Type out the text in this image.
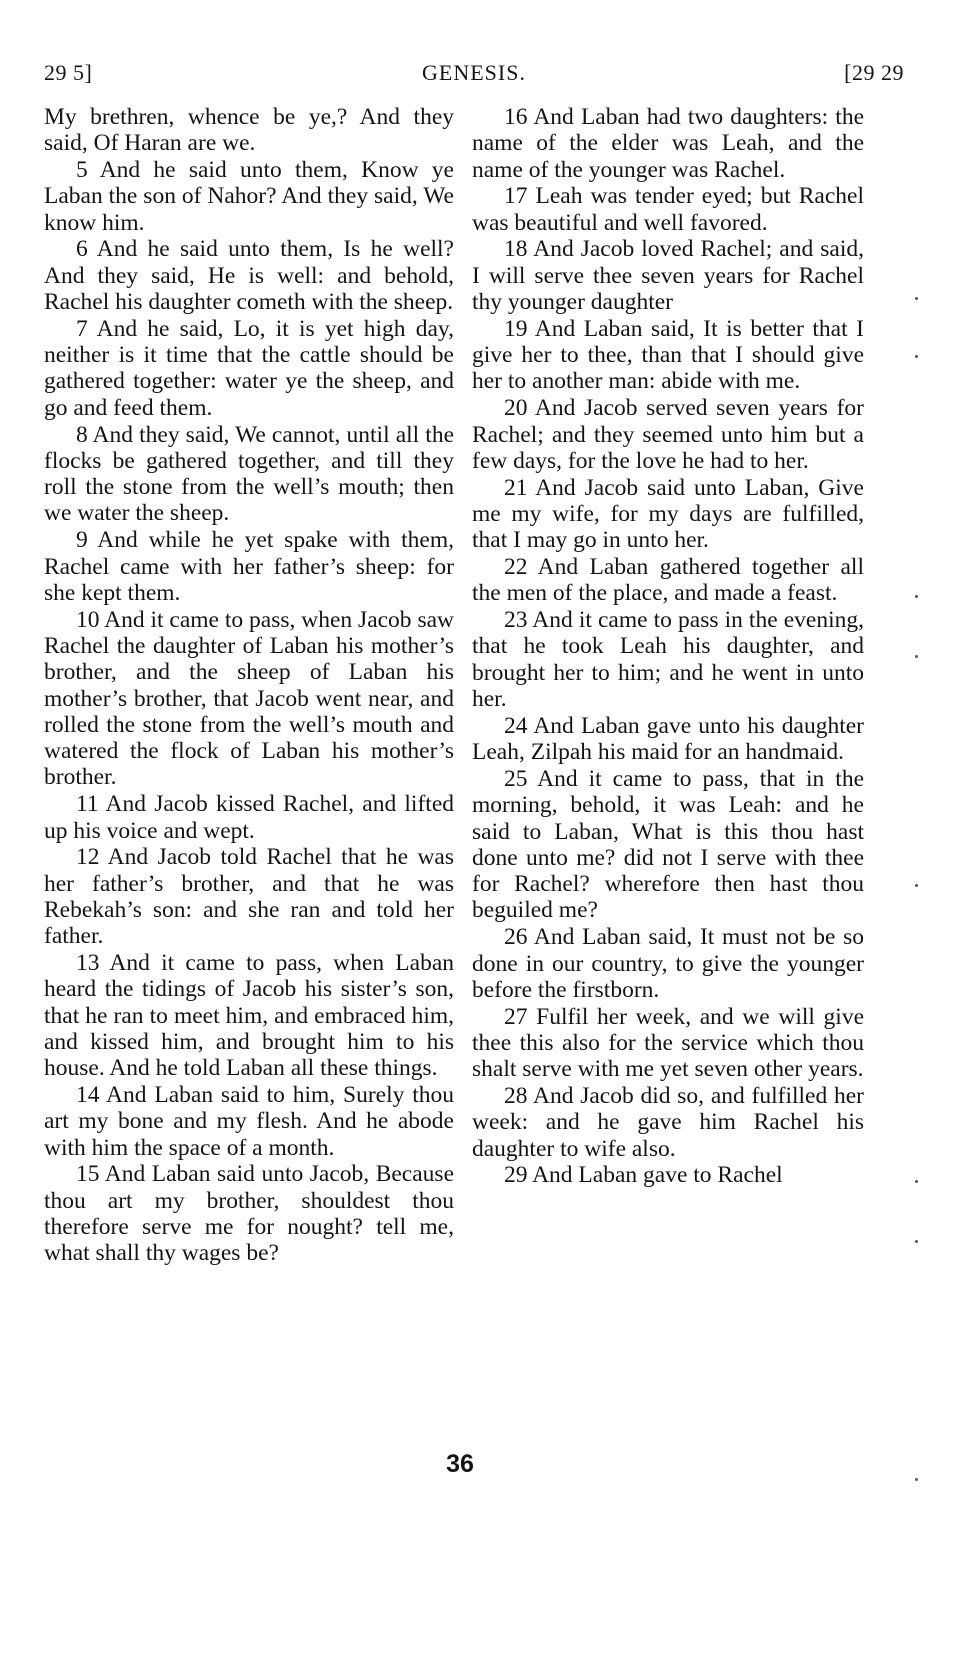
29 5]	GENESIS.	[29 29

My brethren, whence be ye,? And they said, Of Haran are we.

5 And he said unto them, Know ye Laban the son of Nahor? And they said, We know him.

6 And he said unto them, Is he well? And they said, He is well: and behold, Rachel his daughter cometh with the sheep.

7 And he said, Lo, it is yet high day, neither is it time that the cattle should be gathered together: water ye the sheep, and go and feed them.

8 And they said, We cannot, until all the flocks be gathered together, and till they roll the stone from the well’s mouth; then we water the sheep.

9 And while he yet spake with them, Rachel came with her father’s sheep: for she kept them.

10 And it came to pass, when Jacob saw Rachel the daughter of Laban his mother’s brother, and the sheep of Laban his mother’s brother, that Jacob went near, and rolled the stone from the well’s mouth and watered the flock of Laban his mother’s brother.

11 And Jacob kissed Rachel, and lifted up his voice and wept.

12 And Jacob told Rachel that he was her father’s brother, and that he was Rebekah’s son: and she ran and told her father.

13 And it came to pass, when Laban heard the tidings of Jacob his sister’s son, that he ran to meet him, and embraced him, and kissed him, and brought him to his house. And he told Laban all these things.

14 And Laban said to him, Surely thou art my bone and my flesh. And he abode with him the space of a month.

15 And Laban said unto Jacob, Because thou art my brother, shouldest thou therefore serve me for nought? tell me, what shall thy wages be?

16 And Laban had two daughters: the name of the elder was Leah, and the name of the younger was Rachel.

17 Leah was tender eyed; but Rachel was beautiful and well favored.

18 And Jacob loved Rachel; and said, I will serve thee seven years for Rachel thy younger daughter

19 And Laban said, It is better that I give her to thee, than that I should give her to another man: abide with me.

20 And Jacob served seven years for Rachel; and they seemed unto him but a few days, for the love he had to her.

21 And Jacob said unto Laban, Give me my wife, for my days are fulfilled, that I may go in unto her.

22 And Laban gathered together all the men of the place, and made a feast.

23 And it came to pass in the evening, that he took Leah his daughter, and brought her to him; and he went in unto her.

24 And Laban gave unto his daughter Leah, Zilpah his maid for an handmaid.

25 And it came to pass, that in the morning, behold, it was Leah: and he said to Laban, What is this thou hast done unto me? did not I serve with thee for Rachel? wherefore then hast thou beguiled me?

26 And Laban said, It must not be so done in our country, to give the younger before the firstborn.

27 Fulfil her week, and we will give thee this also for the service which thou shalt serve with me yet seven other years.

28 And Jacob did so, and fulfilled her week: and he gave him Rachel his daughter to wife also.

29 And Laban gave to Rachel

36
